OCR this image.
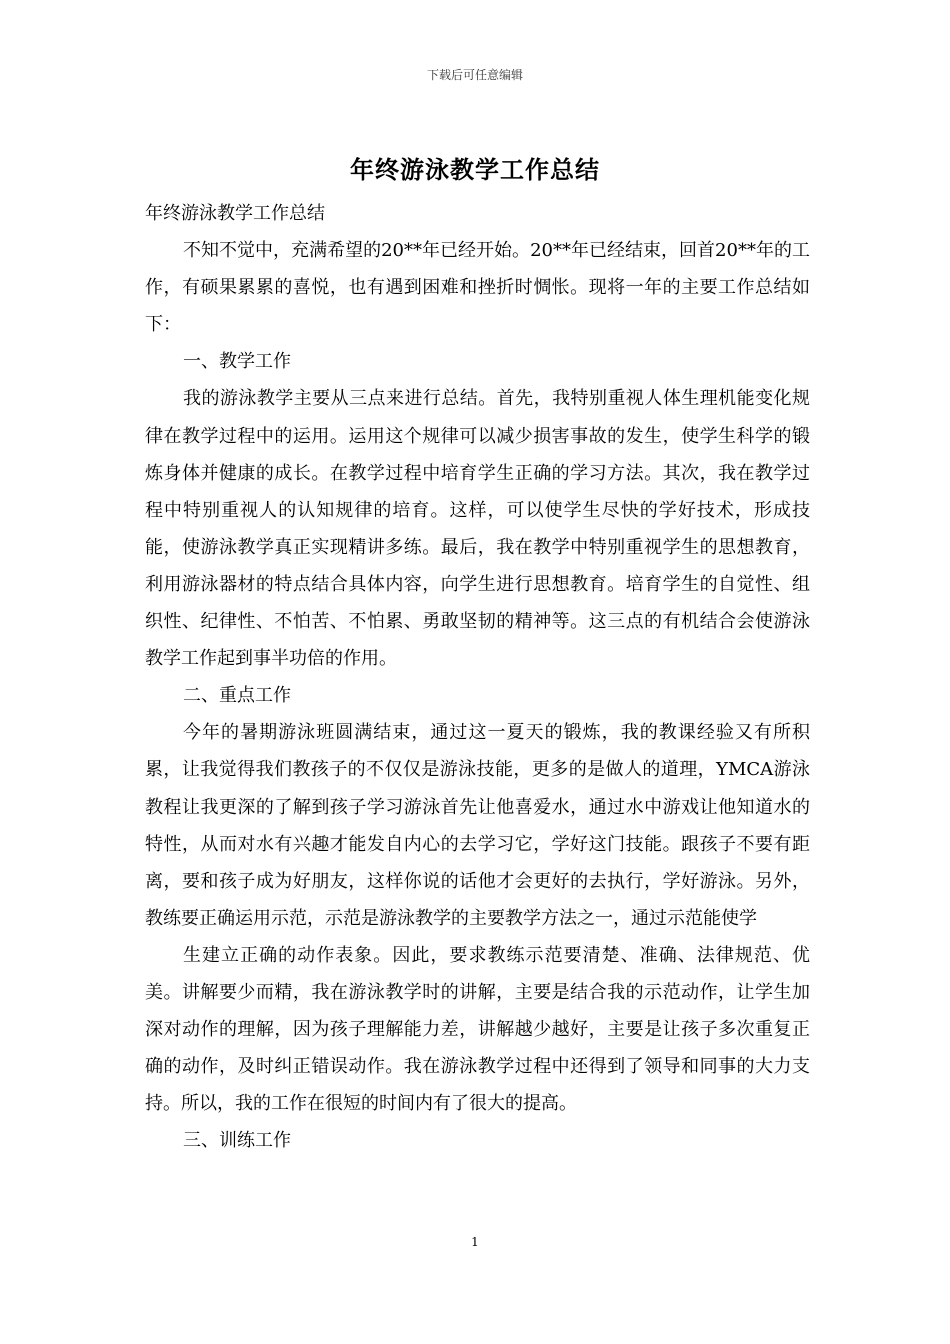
下载后可任意编辑
年终游泳教学工作总结

年终游泳教学工作总结

不知不觉中，充满希望的20**年已经开始。20**年已经结束，回首20**年的工作，有硕果累累的喜悦，也有遇到困难和挫折时惆怅。现将一年的主要工作总结如下：

一、教学工作

我的游泳教学主要从三点来进行总结。首先，我特别重视人体生理机能变化规律在教学过程中的运用。运用这个规律可以减少损害事故的发生，使学生科学的锻炼身体并健康的成长。在教学过程中培育学生正确的学习方法。其次，我在教学过程中特别重视人的认知规律的培育。这样，可以使学生尽快的学好技术，形成技能，使游泳教学真正实现精讲多练。最后，我在教学中特别重视学生的思想教育，利用游泳器材的特点结合具体内容，向学生进行思想教育。培育学生的自觉性、组织性、纪律性、不怕苦、不怕累、勇敢坚韧的精神等。这三点的有机结合会使游泳教学工作起到事半功倍的作用。

二、重点工作

今年的暑期游泳班圆满结束，通过这一夏天的锻炼，我的教课经验又有所积累，让我觉得我们教孩子的不仅仅是游泳技能，更多的是做人的道理，YMCA游泳教程让我更深的了解到孩子学习游泳首先让他喜爱水，通过水中游戏让他知道水的特性，从而对水有兴趣才能发自内心的去学习它，学好这门技能。跟孩子不要有距离，要和孩子成为好朋友，这样你说的话他才会更好的去执行，学好游泳。另外，教练要正确运用示范，示范是游泳教学的主要教学方法之一，通过示范能使学

生建立正确的动作表象。因此，要求教练示范要清楚、准确、法律规范、优美。讲解要少而精，我在游泳教学时的讲解，主要是结合我的示范动作，让学生加深对动作的理解，因为孩子理解能力差，讲解越少越好，主要是让孩子多次重复正确的动作，及时纠正错误动作。我在游泳教学过程中还得到了领导和同事的大力支持。所以，我的工作在很短的时间内有了很大的提高。

三、训练工作

1
